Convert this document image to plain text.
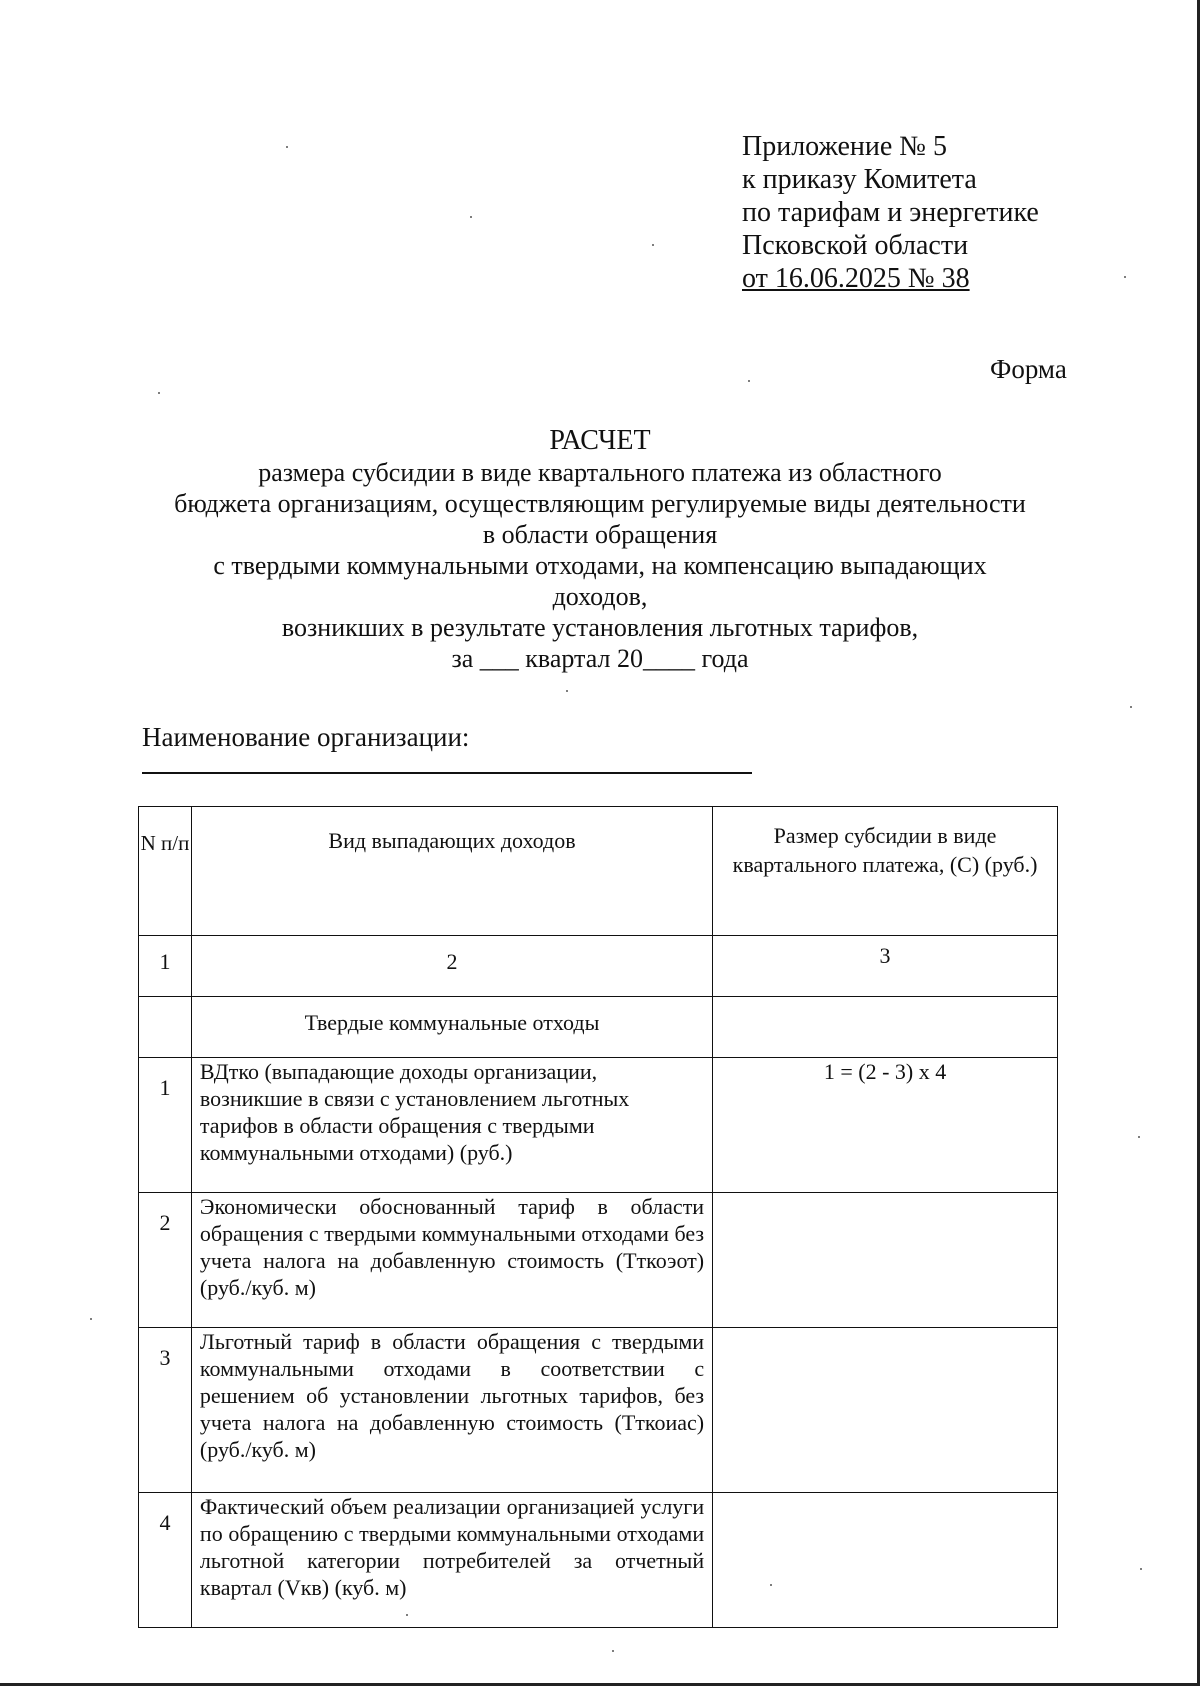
Приложение № 5
к приказу Комитета
по тарифам и энергетике
Псковской области
от 16.06.2025 № 38
Форма
РАСЧЕТ
размера субсидии в виде квартального платежа из областного
бюджета организациям, осуществляющим регулируемые виды деятельности
в области обращения
с твердыми коммунальными отходами, на компенсацию выпадающих
доходов,
возникших в результате установления льготных тарифов,
за ___ квартал 20____ года
Наименование организации:
N п/п	Вид выпадающих доходов	Размер субсидии в виде квартального платежа, (С) (руб.)
1	2	3
	Твердые коммунальные отходы	
1	ВДтко (выпадающие доходы организации, возникшие в связи с установлением льготных тарифов в области обращения с твердыми коммунальными отходами) (руб.)	1 = (2 - 3) x 4
2	Экономически обоснованный тариф в области обращения с твердыми коммунальными отходами без учета налога на добавленную стоимость (Тткоэот) (руб./куб. м)	
3	Льготный тариф в области обращения с твердыми коммунальными отходами в соответствии с решением об установлении льготных тарифов, без учета налога на добавленную стоимость (Тткоиас) (руб./куб. м)	
4	Фактический объем реализации организацией услуги по обращению с твердыми коммунальными отходами льготной категории потребителей за отчетный квартал (Vкв) (куб. м)	
